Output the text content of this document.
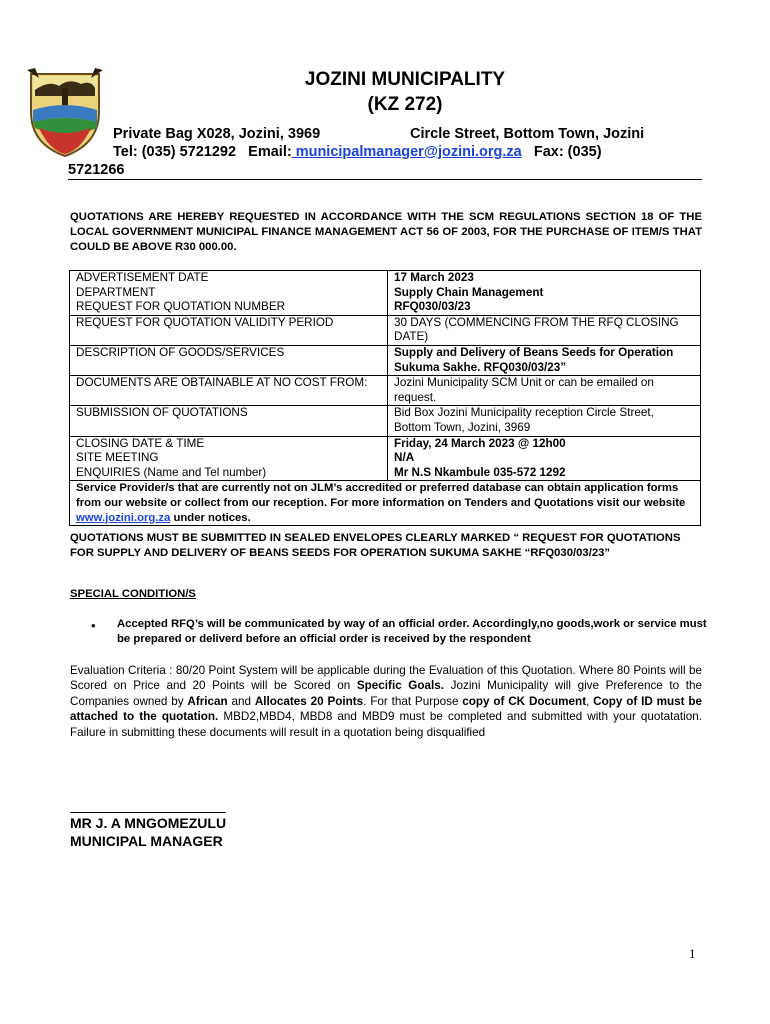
JOZINI MUNICIPALITY
(KZ 272)
Private Bag X028, Jozini, 3969	Circle Street, Bottom Town, Jozini
Tel: (035) 5721292 Email: municipalmanager@jozini.org.za Fax: (035)
5721266
QUOTATIONS ARE HEREBY REQUESTED IN ACCORDANCE WITH THE SCM REGULATIONS SECTION 18 OF THE LOCAL GOVERNMENT MUNICIPAL FINANCE MANAGEMENT ACT 56 OF 2003, FOR THE PURCHASE OF ITEM/S THAT COULD BE ABOVE R30 000.00.
ADVERTISEMENT DATE	17 March 2023
DEPARTMENT	Supply Chain Management
REQUEST FOR QUOTATION NUMBER	RFQ030/03/23
REQUEST FOR QUOTATION VALIDITY PERIOD	30 DAYS (COMMENCING FROM THE RFQ CLOSING DATE)
DESCRIPTION OF GOODS/SERVICES	Supply and Delivery of Beans Seeds for Operation Sukuma Sakhe. RFQ030/03/23”
DOCUMENTS ARE OBTAINABLE AT NO COST FROM:	Jozini Municipality SCM Unit or can be emailed on request.
SUBMISSION OF QUOTATIONS	Bid Box Jozini Municipality reception Circle Street, Bottom Town, Jozini, 3969
CLOSING DATE & TIME	Friday, 24 March 2023 @ 12h00
SITE MEETING	N/A
ENQUIRIES (Name and Tel number)	Mr N.S Nkambule 035-572 1292
Service Provider/s that are currently not on JLM’s accredited or preferred database can obtain application forms from our website or collect from our reception. For more information on Tenders and Quotations visit our website www.jozini.org.za under notices.	
QUOTATIONS MUST BE SUBMITTED IN SEALED ENVELOPES CLEARLY MARKED “ REQUEST FOR QUOTATIONS FOR SUPPLY AND DELIVERY OF BEANS SEEDS FOR OPERATION SUKUMA SAKHE “RFQ030/03/23”
SPECIAL CONDITION/S
• Accepted RFQ’s will be communicated by way of an official order. Accordingly,no goods,work or service must be prepared or deliverd before an official order is received by the respondent
Evaluation Criteria : 80/20 Point System will be applicable during the Evaluation of this Quotation. Where 80 Points will be Scored on Price and 20 Points will be Scored on Specific Goals. Jozini Municipality will give Preference to the Companies owned by African and Allocates 20 Points. For that Purpose copy of CK Document, Copy of ID must be attached to the quotation. MBD2,MBD4, MBD8 and MBD9 must be completed and submitted with your quotatation. Failure in submitting these documents will result in a quotation being disqualified
MR J. A MNGOMEZULU
MUNICIPAL MANAGER
1
